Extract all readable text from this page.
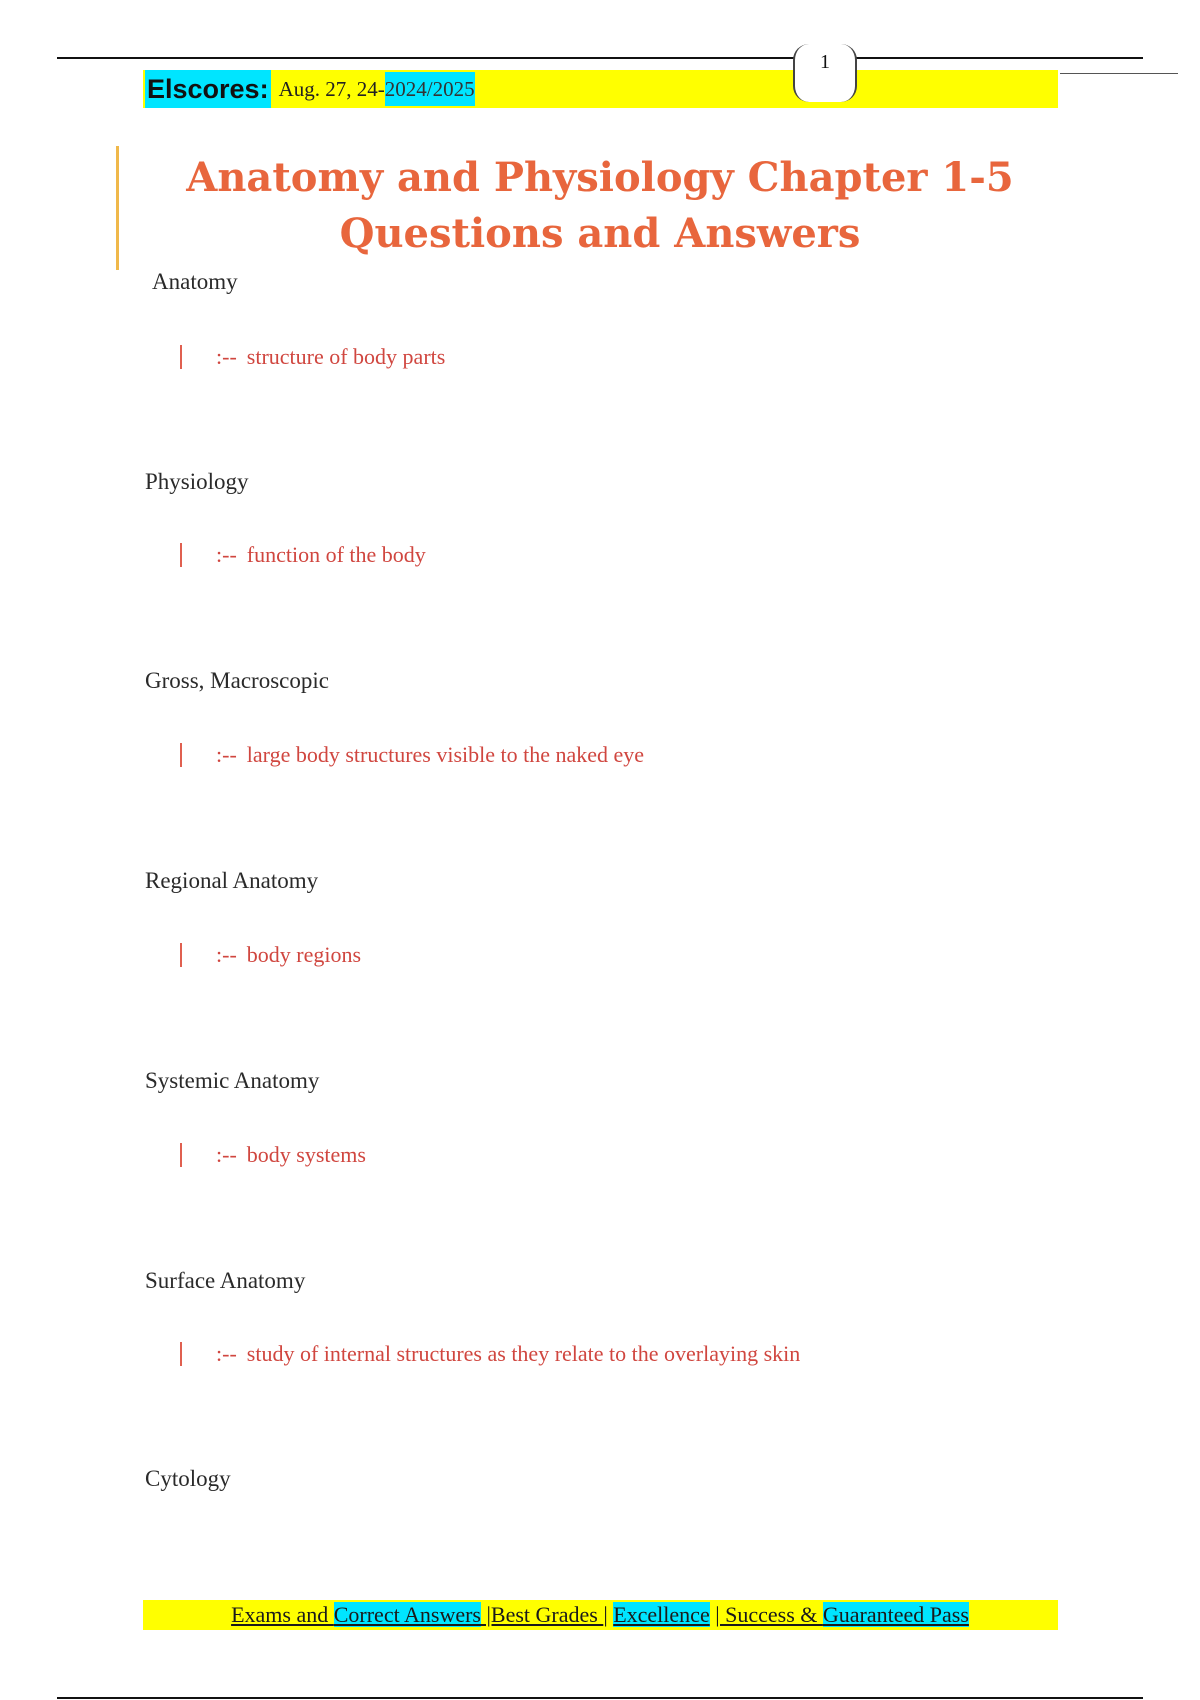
1
Elscores: Aug. 27, 24- 2024/2025
Anatomy and Physiology Chapter 1-5
Questions and Answers
Anatomy
:-- structure of body parts
Physiology
:-- function of the body
Gross, Macroscopic
:-- large body structures visible to the naked eye
Regional Anatomy
:-- body regions
Systemic Anatomy
:-- body systems
Surface Anatomy
:-- study of internal structures as they relate to the overlaying skin
Cytology
Exams and Correct Answers |Best Grades | Excellence | Success & Guaranteed Pass
